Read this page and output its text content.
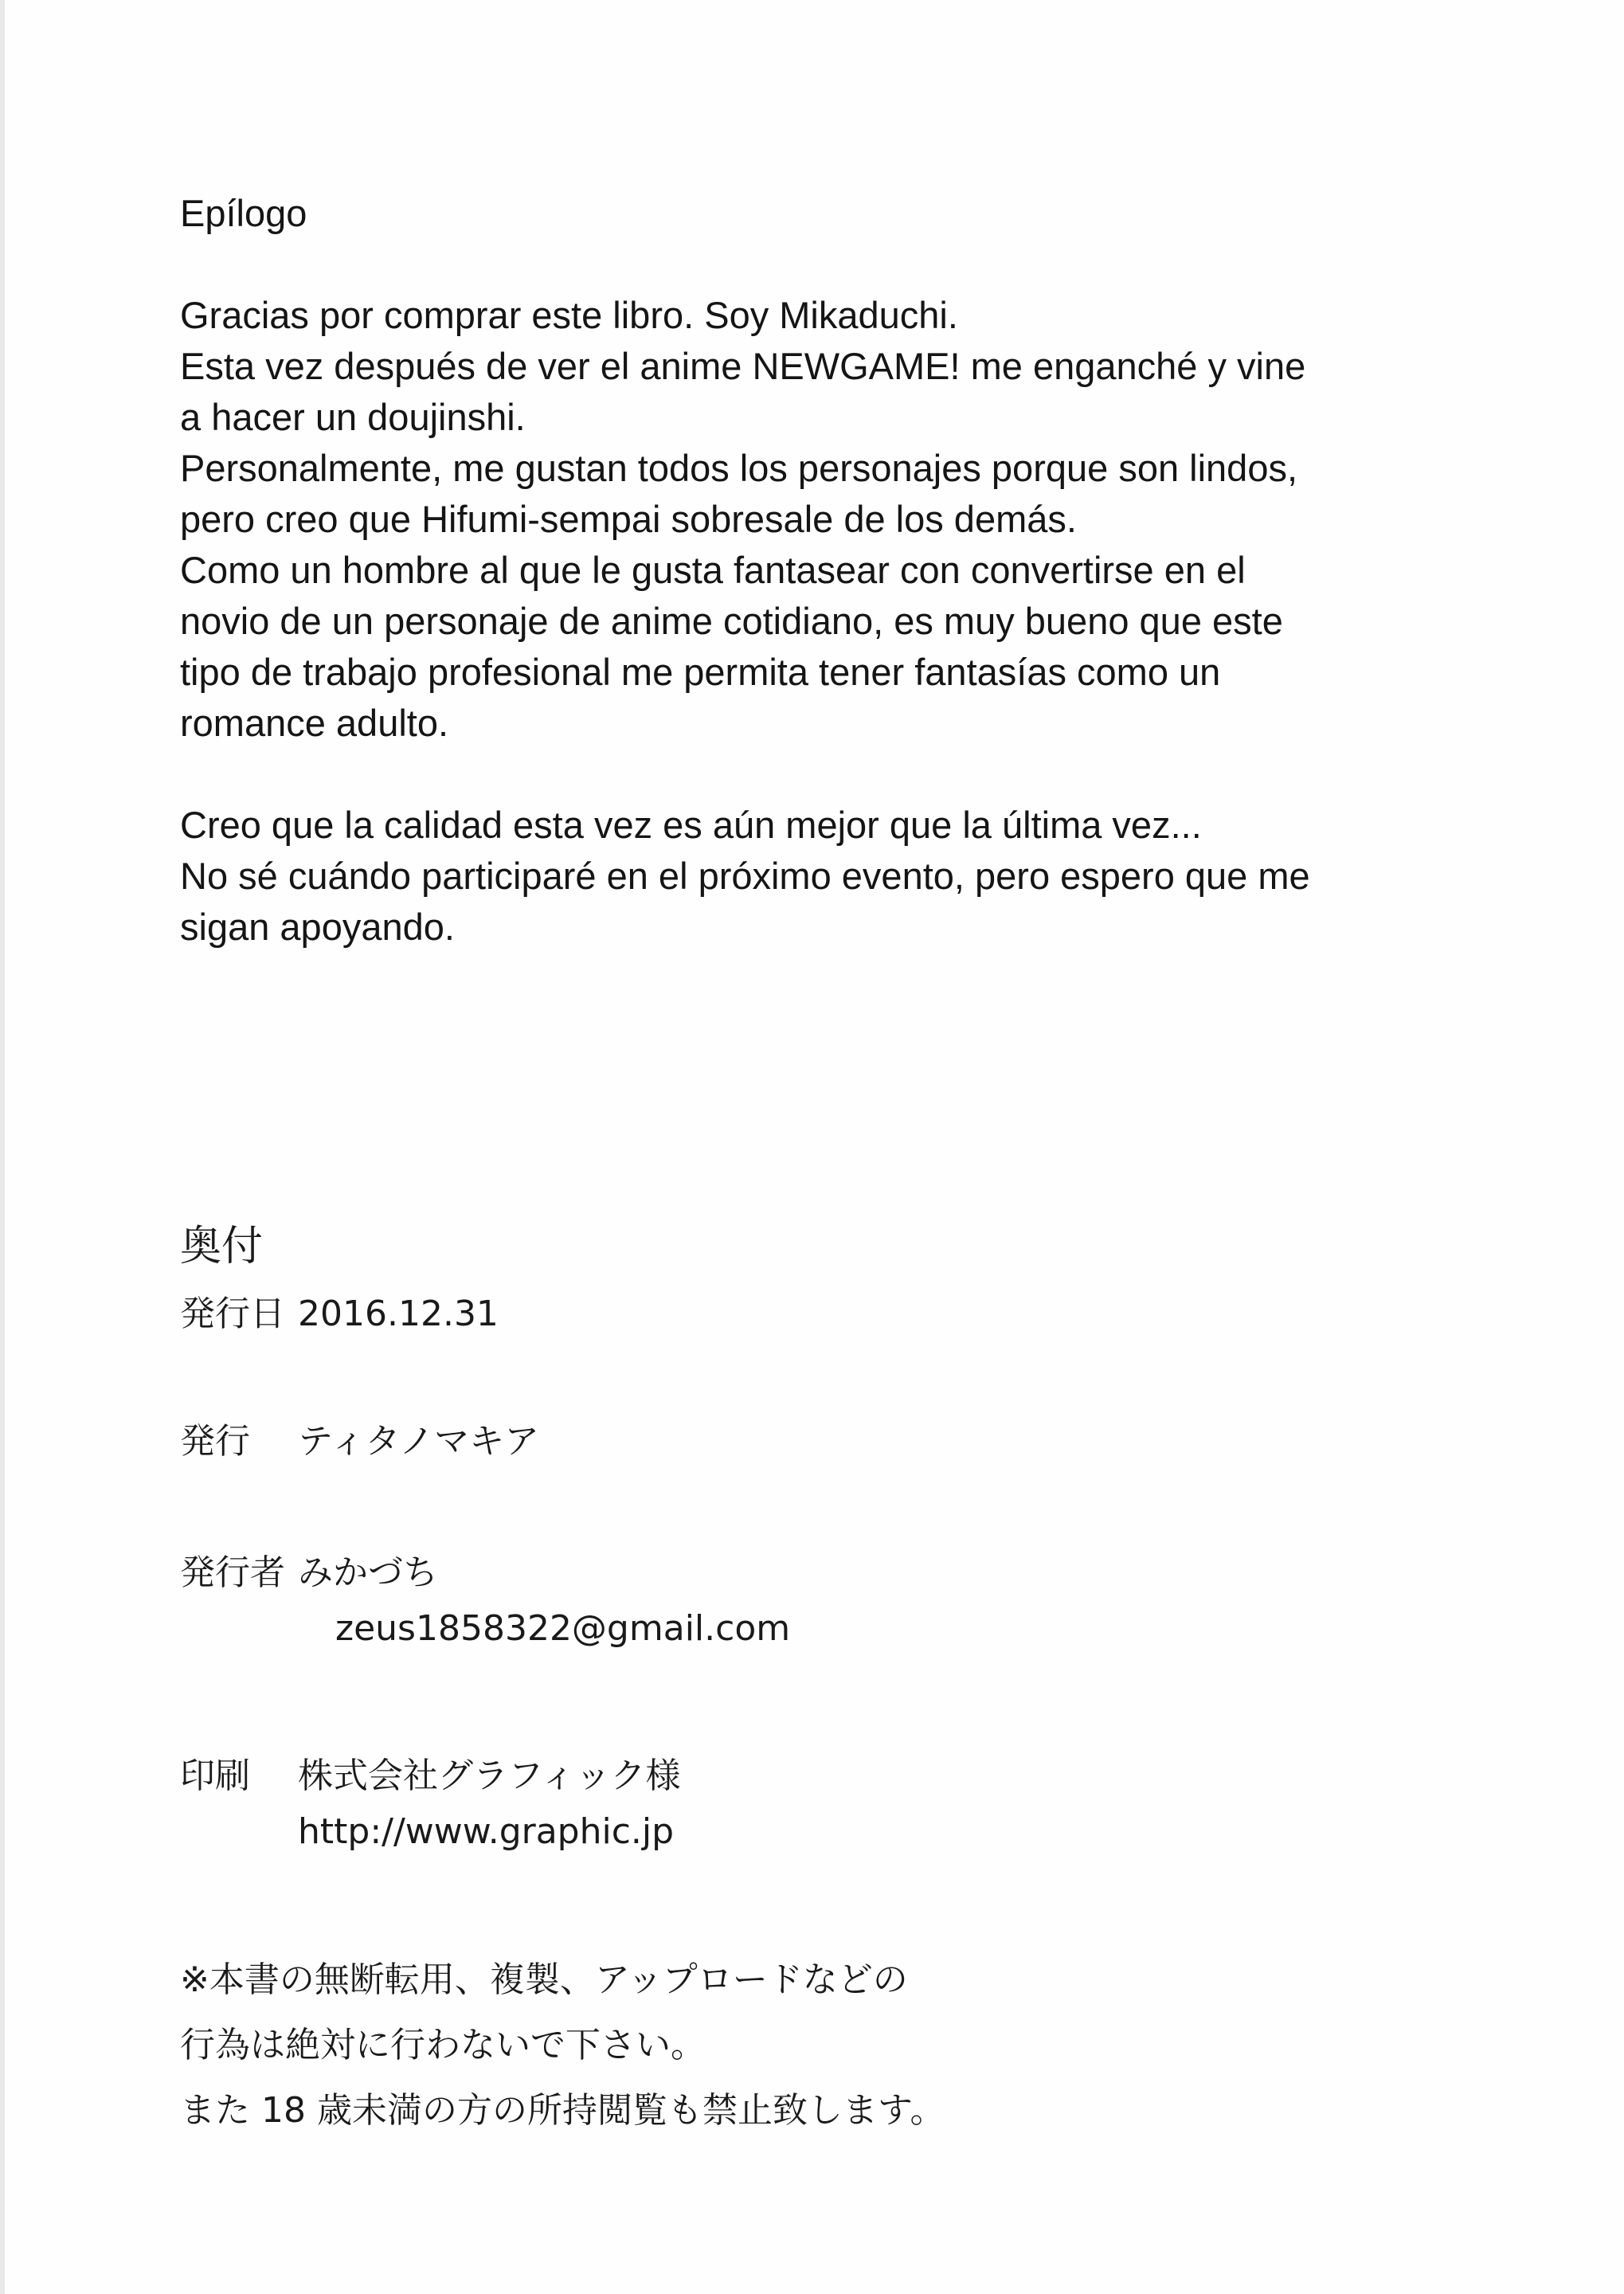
Epílogo

Gracias por comprar este libro. Soy Mikaduchi.

Esta vez después de ver el anime NEWGAME! me enganché y vine

a hacer un doujinshi.

Personalmente, me gustan todos los personajes porque son lindos,

pero creo que Hifumi-sempai sobresale de los demás.

Como un hombre al que le gusta fantasear con convertirse en el

novio de un personaje de anime cotidiano, es muy bueno que este

tipo de trabajo profesional me permita tener fantasías como un

romance adulto.

Creo que la calidad esta vez es aún mejor que la última vez...

No sé cuándo participaré en el próximo evento, pero espero que me

sigan apoyando.

奥付
発行日 2016.12.31
発行 ティタノマキア
発行者 みかづち
zeus1858322@gmail.com
印刷 株式会社グラフィック様
http://www.graphic.jp
※本書の無断転用、複製、アップロードなどの
行為は絶対に行わないで下さい。
また 18 歳未満の方の所持閲覧も禁止致します。
